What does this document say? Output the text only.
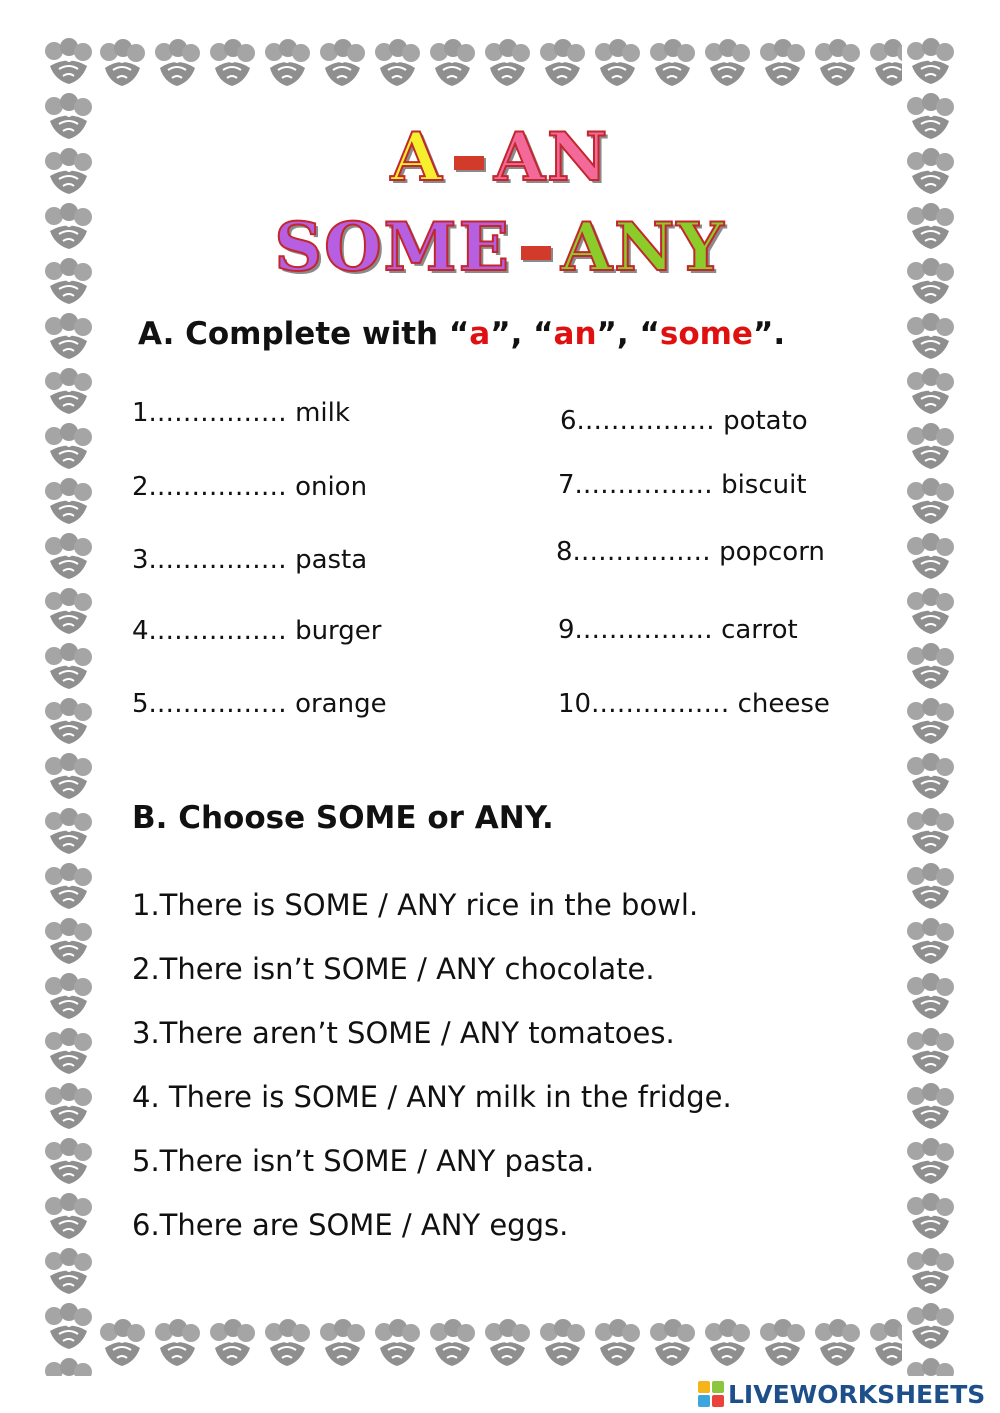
A AN
SOME ANY
A. Complete with “a”, “an”, “some”.
1.…………… milk
2.…………… onion
3.…………… pasta
4.…………… burger
5.…………… orange
6.…………… potato
7.…………… biscuit
8.…………… popcorn
9.…………… carrot
10.…………… cheese
B. Choose SOME or ANY.
1.There is SOME / ANY rice in the bowl.
2.There isn’t SOME / ANY chocolate.
3.There aren’t SOME / ANY tomatoes.
4. There is SOME / ANY milk in the fridge.
5.There isn’t SOME / ANY pasta.
6.There are SOME / ANY eggs.
LIVEWORKSHEETS
